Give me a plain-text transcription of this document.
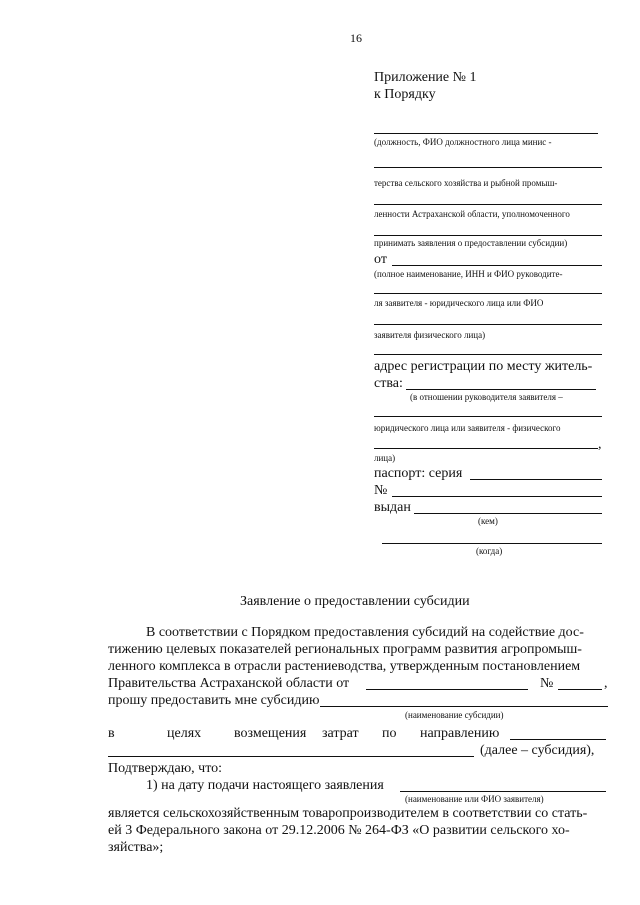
16
Приложение № 1
к Порядку
(должность, ФИО должностного лица минис -
терства сельского хозяйства и рыбной промыш-
ленности Астраханской области, уполномоченного
принимать заявления о предоставлении субсидии)
от
(полное наименование, ИНН и ФИО руководите-
ля заявителя - юридического лица или ФИО
заявителя физического лица)
адрес регистрации по месту житель-
ства:
(в отношении руководителя заявителя –
юридического лица или заявителя - физического
,
лица)
паспорт: серия
№
выдан
(кем)
(когда)
Заявление о предоставлении субсидии
В соответствии с Порядком предоставления субсидий на содействие дос-
тижению целевых показателей региональных программ развития агропромыш-
ленного комплекса в отрасли растениеводства, утвержденным постановлением
Правительства Астраханской области от	№	,
прошу предоставить мне субсидию
(наименование субсидии)
в	целях возмещения затрат по направлению
(далее – субсидия),
Подтверждаю, что:
1) на дату подачи настоящего заявления
(наименование или ФИО заявителя)
является сельскохозяйственным товаропроизводителем в соответствии со стать-
ей 3 Федерального закона от 29.12.2006 № 264-ФЗ «О развитии сельского хо-
зяйства»;
